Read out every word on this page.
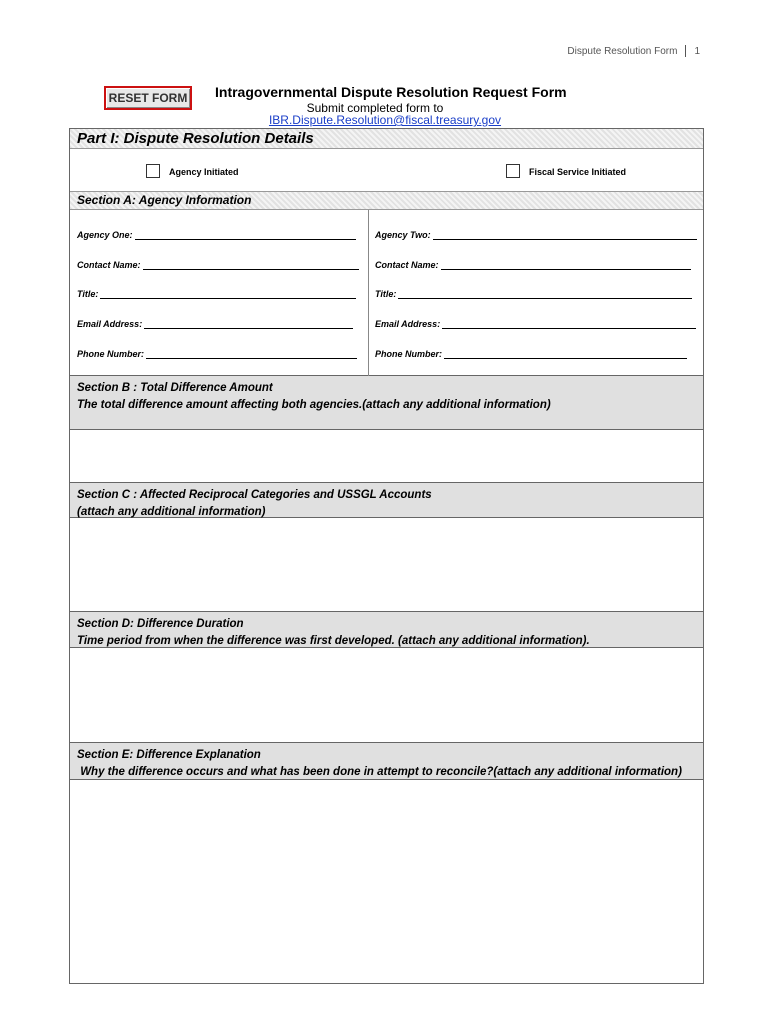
Dispute Resolution Form 1
RESET FORM	Intragovernmental Dispute Resolution Request Form
Submit completed form to
IBR.Dispute.Resolution@fiscal.treasury.gov
Part I: Dispute Resolution Details
Agency Initiated	Fiscal Service Initiated
Section A: Agency Information
Agency One:
Contact Name:
Title:
Email Address:
Phone Number:
Agency Two:
Contact Name:
Title:
Email Address:
Phone Number:
Section B : Total Difference Amount
The total difference amount affecting both agencies.(attach any additional information)
Section C : Affected Reciprocal Categories and USSGL Accounts
(attach any additional information)
Section D: Difference Duration
Time period from when the difference was first developed. (attach any additional information).
Section E: Difference Explanation
Why the difference occurs and what has been done in attempt to reconcile?(attach any additional information)
